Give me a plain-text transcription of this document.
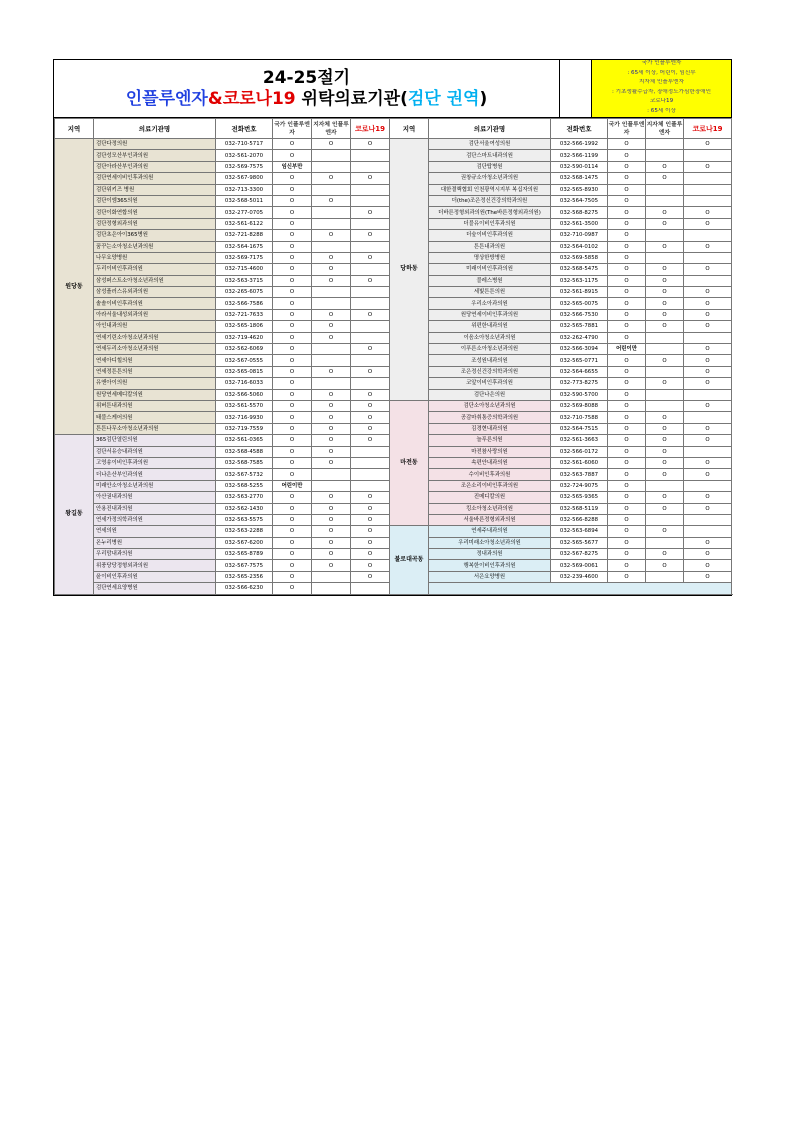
24-25절기
인플루엔자&코로나19 위탁의료기관(검단 권역)
국가 인플루엔자
: 65세 이상, 어린이, 임신부
지자체 인플루엔자
: 기초생활수급자, 장애정도가심한장애인
코로나19
: 65세 이상
지역	의료기관명	전화번호	국가 인플루엔자	지자체 인플루엔자	코로나19	지역	의료기관명	전화번호	국가 인플루엔자	지자체 인플루엔자	코로나19
원당동	검단다정의원	032-710-5717	O	O	O	당하동	검단서울여성의원	032-566-1992	O		O
	검단성모산부인과의원	032-561-2070	O				검단스마트내과의원	032-566-1199	O		
	검단아라산부인과의원	032-569-7575	임신부만				검단탑병원	032-590-0114	O	O	O
	검단연세이비인후과의원	032-567-9800	O	O	O		권창규소아청소년과의원	032-568-1475	O	O	
	검단위키즈 병원	032-713-3300	O				대한결핵협회 인천광역시지부 복십자의원	032-565-8930	O		
	검단이엠365의원	032-568-5011	O	O			더(the)조은정신건강의학과의원	032-564-7505	O		
	검단이화연합의원	032-277-0705	O		O		더바른정형외과의원(The바른정형외과의원)	032-568-8275	O	O	O
	검단정형외과의원	032-561-6122	O				더블유이비인후과의원	032-561-3500	O	O	O
	검단초은아이365병원	032-721-8288	O	O	O		더숲이비인후과의원	032-710-0987	O		
	꿈꾸는소아청소년과의원	032-564-1675	O				튼튼내과의원	032-564-0102	O	O	O
	나무요양병원	032-569-7175	O	O	O		명상한방병원	032-569-5858	O		
	두리이비인후과의원	032-715-4600	O	O			미래이비인후과의원	032-568-5475	O	O	O
	삼성퍼스트소아청소년과의원	032-563-3715	O	O	O		블레스병원	032-563-1175	O	O	
	삼성플러스유외과의원	032-265-6075	O				세빛튼튼의원	032-561-8915	O	O	O
	솔솔이비인후과의원	032-566-7586	O				우리소아과의원	032-565-0075	O	O	O
	아라서울내성외과의원	032-721-7633	O	O	O		원당연세이비인후과의원	032-566-7530	O	O	O
	아인내과의원	032-565-1806	O	O			위편한내과의원	032-565-7881	O	O	O
	연세기린소아청소년과의원	032-719-4620	O	O			이음소아청소년과의원	032-262-4790	O		
	연세두리소아청소년과의원	032-562-6069	O		O		이푸른소아청소년과의원	032-566-3094	어린이만		O
	연세아디힐의원	032-567-0555	O				조성원내과의원	032-565-0771	O	O	O
	연세정튼튼의원	032-565-0815	O	O	O		조은정신건강의학과의원	032-564-6655	O		O
	유앤아이의원	032-716-6033	O				코앞이비인후과의원	032-773-8275	O	O	O
	원당연세메디칼의원	032-566-5060	O	O	O		검단나은의원	032-590-5700	O		
	위버튼내과의원	032-561-5570	O	O	O	마전동	검단소아청소년과의원	032-569-8088	O		O
	태블스케어의원	032-716-9930	O	O	O		공감마취통증의학과의원	032-710-7588	O	O	
	튼튼나무소아청소년과의원	032-719-7559	O	O	O		김경현내과의원	032-564-7515	O	O	O
왕길동	365검단열린의원	032-561-0365	O	O	O		늘푸른의원	032-561-3663	O	O	O
	검단서유승내과의원	032-568-4588	O	O			마전참사랑의원	032-566-0172	O	O	
	고영송이비인후과의원	032-568-7585	O	O			속편안내과의원	032-561-6060	O	O	O
	더나은산부인과의원	032-567-5732	O				수이비인후과의원	032-563-7887	O	O	O
	미래안소아청소년과의원	032-568-5255	어린이만				조은소리이비인후과의원	032-724-9075	O		
	아산권내과의원	032-563-2770	O	O	O		진메디칼의원	032-565-9365	O	O	O
	안용진내과의원	032-562-1430	O	O	O		킹소아청소년과의원	032-568-5119	O	O	O
	연세가정의학과의원	032-563-5575	O	O	O		서울바른정형외과의원	032-566-8288	O		
	연세의원	032-563-2288	O	O	O	불로대곡동	연세주내과의원	032-563-6894	O	O	
	온누리병원	032-567-6200	O	O	O		우리미래소아청소년과의원	032-565-5677	O		O
	우리맘내과의원	032-565-8789	O	O	O		정내과의원	032-567-8275	O	O	O
	위풍당당정형외과의원	032-567-7575	O	O	O		행복한이비인후과의원	032-569-0061	O	O	O
	윤이비인후과의원	032-565-2356	O		O		서은요양병원	032-239-4600	O		O
	검단연세요양병원	032-566-6230	O								
